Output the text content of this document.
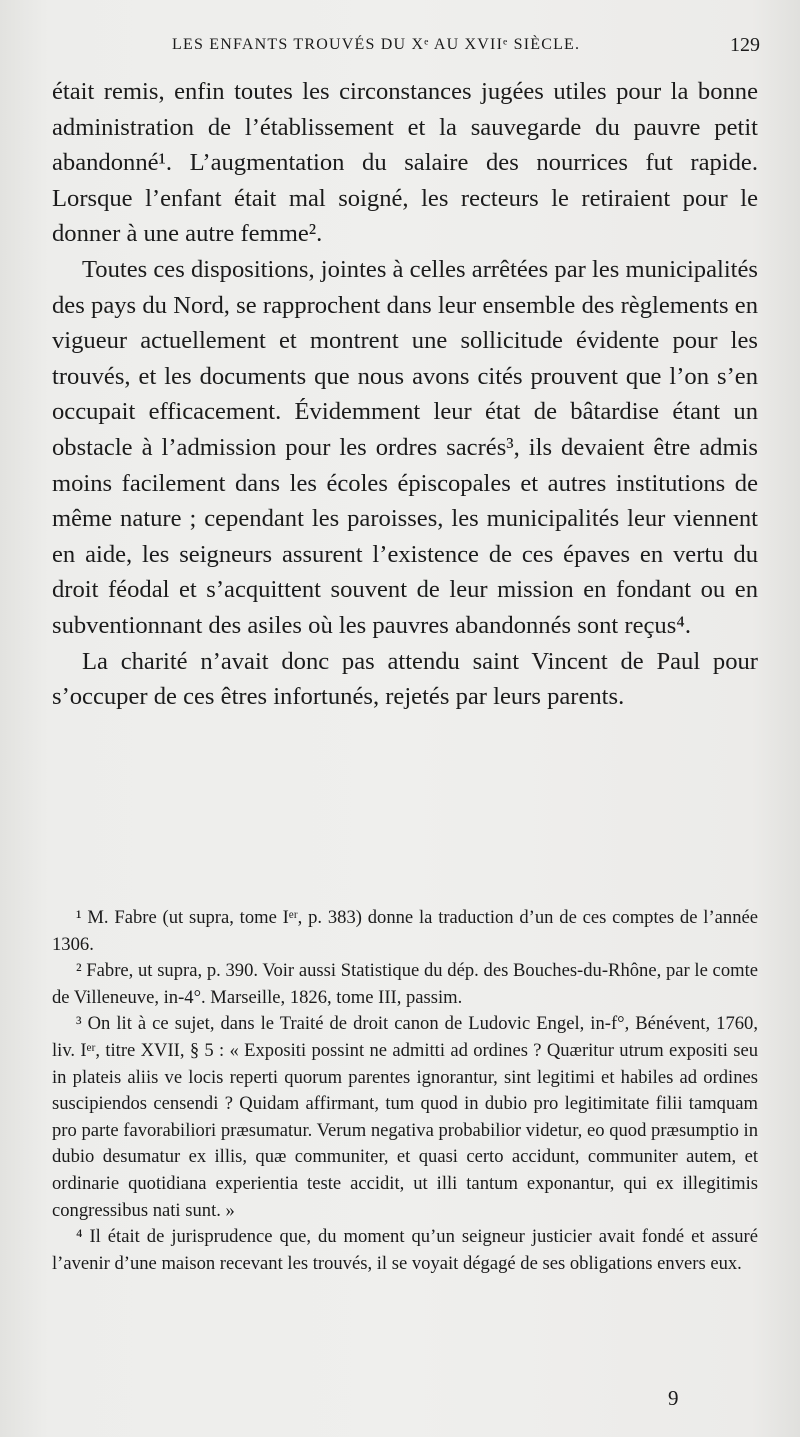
LES ENFANTS TROUVÉS DU Xᵉ AU XVIIᵉ SIÈCLE.	129

était remis, enfin toutes les circonstances jugées utiles pour la bonne administration de l’établissement et la sauvegarde du pauvre petit abandonné¹. L’augmentation du salaire des nourrices fut rapide. Lorsque l’enfant était mal soigné, les recteurs le retiraient pour le donner à une autre femme².

Toutes ces dispositions, jointes à celles arrêtées par les municipalités des pays du Nord, se rapprochent dans leur ensemble des règlements en vigueur actuellement et montrent une sollicitude évidente pour les trouvés, et les documents que nous avons cités prouvent que l’on s’en occupait efficacement. Évidemment leur état de bâtardise étant un obstacle à l’admission pour les ordres sacrés³, ils devaient être admis moins facilement dans les écoles épiscopales et autres institutions de même nature ; cependant les paroisses, les municipalités leur viennent en aide, les seigneurs assurent l’existence de ces épaves en vertu du droit féodal et s’acquittent souvent de leur mission en fondant ou en subventionnant des asiles où les pauvres abandonnés sont reçus⁴.

La charité n’avait donc pas attendu saint Vincent de Paul pour s’occuper de ces êtres infortunés, rejetés par leurs parents.

¹ M. Fabre (ut supra, tome Iᵉʳ, p. 383) donne la traduction d’un de ces comptes de l’année 1306.

² Fabre, ut supra, p. 390. Voir aussi Statistique du dép. des Bouches-du-Rhône, par le comte de Villeneuve, in-4°. Marseille, 1826, tome III, passim.

³ On lit à ce sujet, dans le Traité de droit canon de Ludovic Engel, in-f°, Bénévent, 1760, liv. Iᵉʳ, titre XVII, § 5 : « Expositi possint ne admitti ad ordines ? Quæritur utrum expositi seu in plateis aliis ve locis reperti quorum parentes ignorantur, sint legitimi et habiles ad ordines suscipiendos censendi ? Quidam affirmant, tum quod in dubio pro legitimitate filii tamquam pro parte favorabiliori præsumatur. Verum negativa probabilior videtur, eo quod præsumptio in dubio desumatur ex illis, quæ communiter, et quasi certo accidunt, communiter autem, et ordinarie quotidiana experientia teste accidit, ut illi tantum exponantur, qui ex illegitimis congressibus nati sunt. »

⁴ Il était de jurisprudence que, du moment qu’un seigneur justicier avait fondé et assuré l’avenir d’une maison recevant les trouvés, il se voyait dégagé de ses obligations envers eux.

9
